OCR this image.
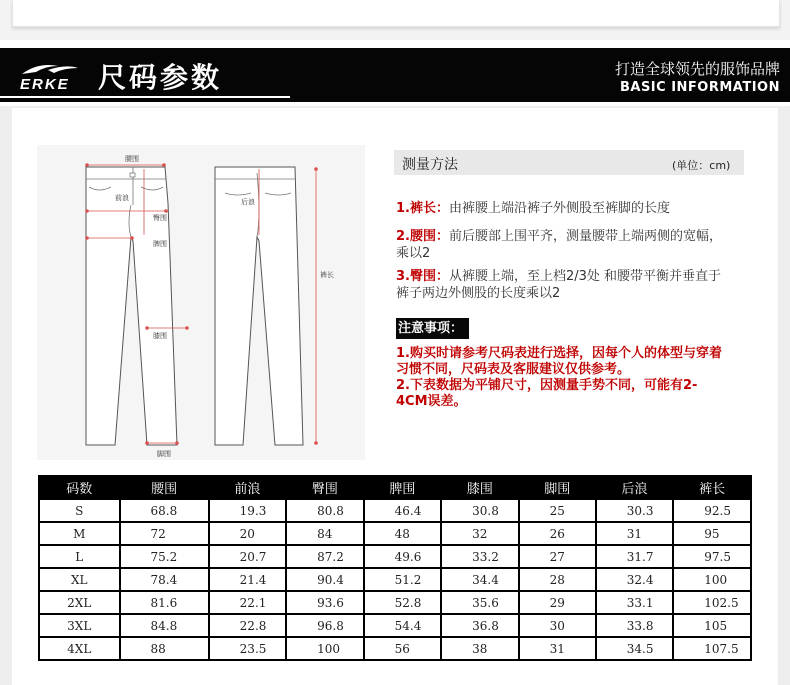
ERKE 尺码参数	打造全球领先的服饰品牌
BASIC INFORMATION
腰围
前浪
臀围
脾围
膝围
脚围
后浪
裤长
测量方法	(单位：cm)
1.裤长：由裤腰上端沿裤子外侧股至裤脚的长度
2.腰围：前后腰部上围平齐，测量腰带上端两侧的宽幅，乘以2
3.臀围：从裤腰上端，至上档2/3处 和腰带平衡并垂直于裤子两边外侧股的长度乘以2
注意事项：
1.购买时请参考尺码表进行选择，因每个人的体型与穿着习惯不同，尺码表及客服建议仅供参考。
2.下表数据为平铺尺寸，因测量手势不同，可能有2-4CM误差。
码数	腰围	前浪	臀围	脾围	膝围	脚围	后浪	裤长
S	68.8	19.3	80.8	46.4	30.8	25	30.3	92.5
M	72	20	84	48	32	26	31	95
L	75.2	20.7	87.2	49.6	33.2	27	31.7	97.5
XL	78.4	21.4	90.4	51.2	34.4	28	32.4	100
2XL	81.6	22.1	93.6	52.8	35.6	29	33.1	102.5
3XL	84.8	22.8	96.8	54.4	36.8	30	33.8	105
4XL	88	23.5	100	56	38	31	34.5	107.5
